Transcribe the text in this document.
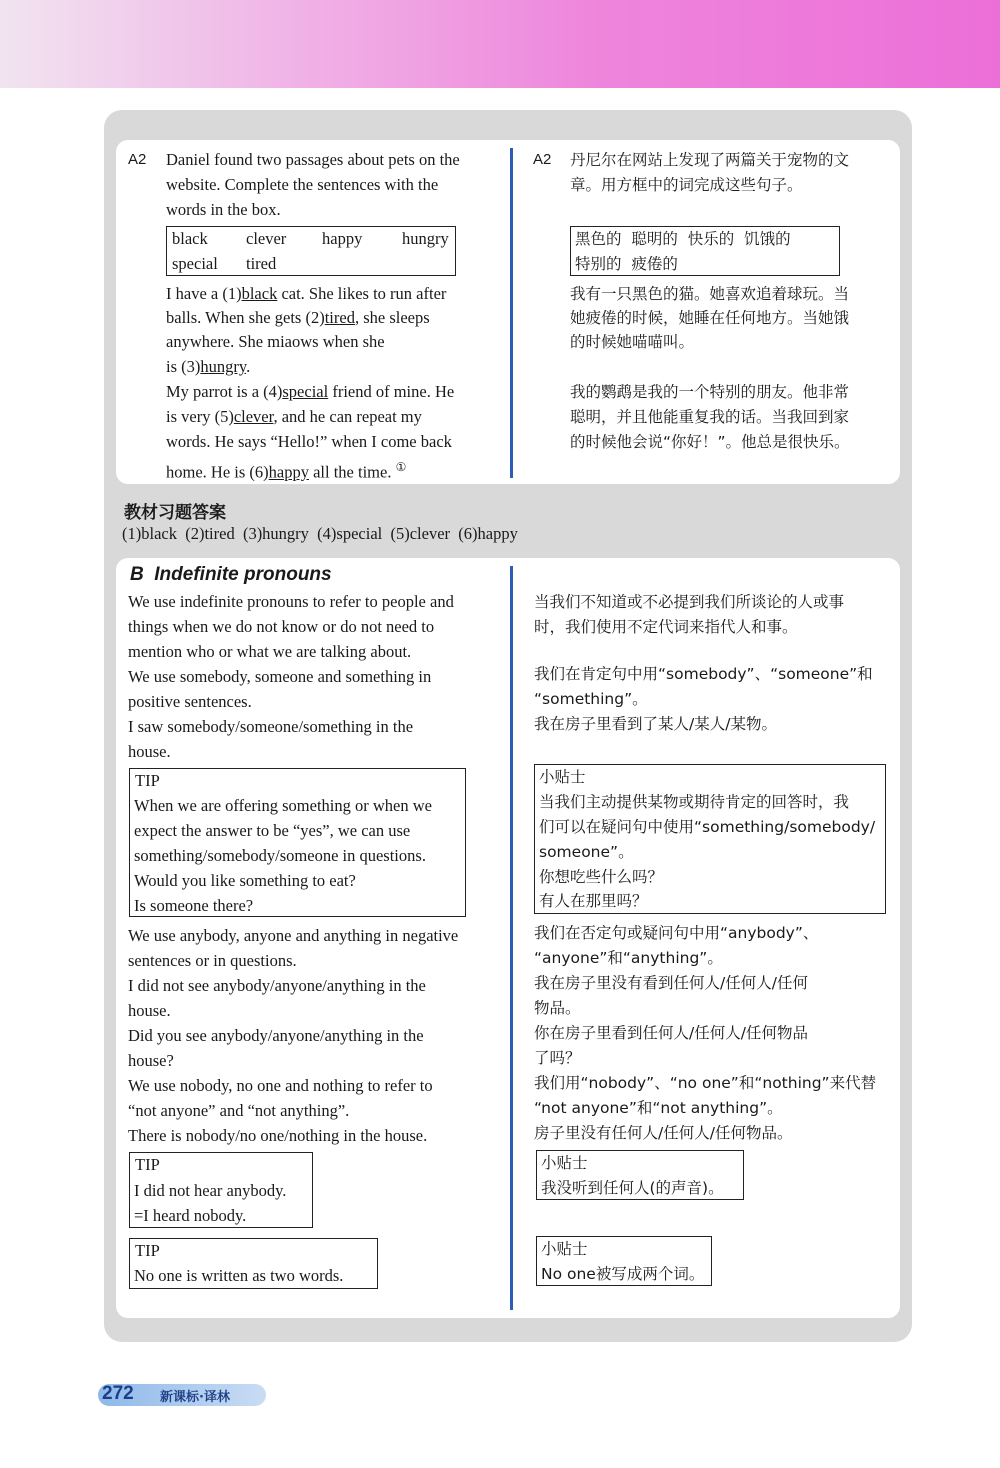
A2 Daniel found two passages about pets on the
website. Complete the sentences with the
words in the box.
black clever happy hungry
special tired
I have a (1)black cat. She likes to run after
balls. When she gets (2)tired, she sleeps
anywhere. She miaows when she
is (3)hungry.
My parrot is a (4)special friend of mine. He
is very (5)clever, and he can repeat my
words. He says “Hello!” when I come back
home. He is (6)happy all the time. ①
A2 丹尼尔在网站上发现了两篇关于宠物的文
章。用方框中的词完成这些句子。
黑色的  聪明的  快乐的  饥饿的
特别的  疲倦的
我有一只黑色的猫。她喜欢追着球玩。当
她疲倦的时候，她睡在任何地方。当她饿
的时候她喵喵叫。
我的鹦鹉是我的一个特别的朋友。他非常
聪明，并且他能重复我的话。当我回到家
的时候他会说“你好！”。他总是很快乐。
教材习题答案
(1)black  (2)tired  (3)hungry  (4)special  (5)clever  (6)happy
B  Indefinite pronouns
We use indefinite pronouns to refer to people and
things when we do not know or do not need to
mention who or what we are talking about.
We use somebody, someone and something in
positive sentences.
I saw somebody/someone/something in the
house.
TIP
When we are offering something or when we
expect the answer to be “yes”, we can use
something/somebody/someone in questions.
Would you like something to eat?
Is someone there?
We use anybody, anyone and anything in negative
sentences or in questions.
I did not see anybody/anyone/anything in the
house.
Did you see anybody/anyone/anything in the
house?
We use nobody, no one and nothing to refer to
“not anyone” and “not anything”.
There is nobody/no one/nothing in the house.
TIP
I did not hear anybody.
=I heard nobody.
TIP
No one is written as two words.
当我们不知道或不必提到我们所谈论的人或事
时，我们使用不定代词来指代人和事。
我们在肯定句中用“somebody”、“someone”和
“something”。
我在房子里看到了某人/某人/某物。
小贴士
当我们主动提供某物或期待肯定的回答时，我
们可以在疑问句中使用“something/somebody/
someone”。
你想吃些什么吗？
有人在那里吗？
我们在否定句或疑问句中用“anybody”、
“anyone”和“anything”。
我在房子里没有看到任何人/任何人/任何
物品。
你在房子里看到任何人/任何人/任何物品
了吗？
我们用“nobody”、“no one”和“nothing”来代替
“not anyone”和“not anything”。
房子里没有任何人/任何人/任何物品。
小贴士
我没听到任何人(的声音)。
小贴士
No one被写成两个词。
272 新课标·译林
